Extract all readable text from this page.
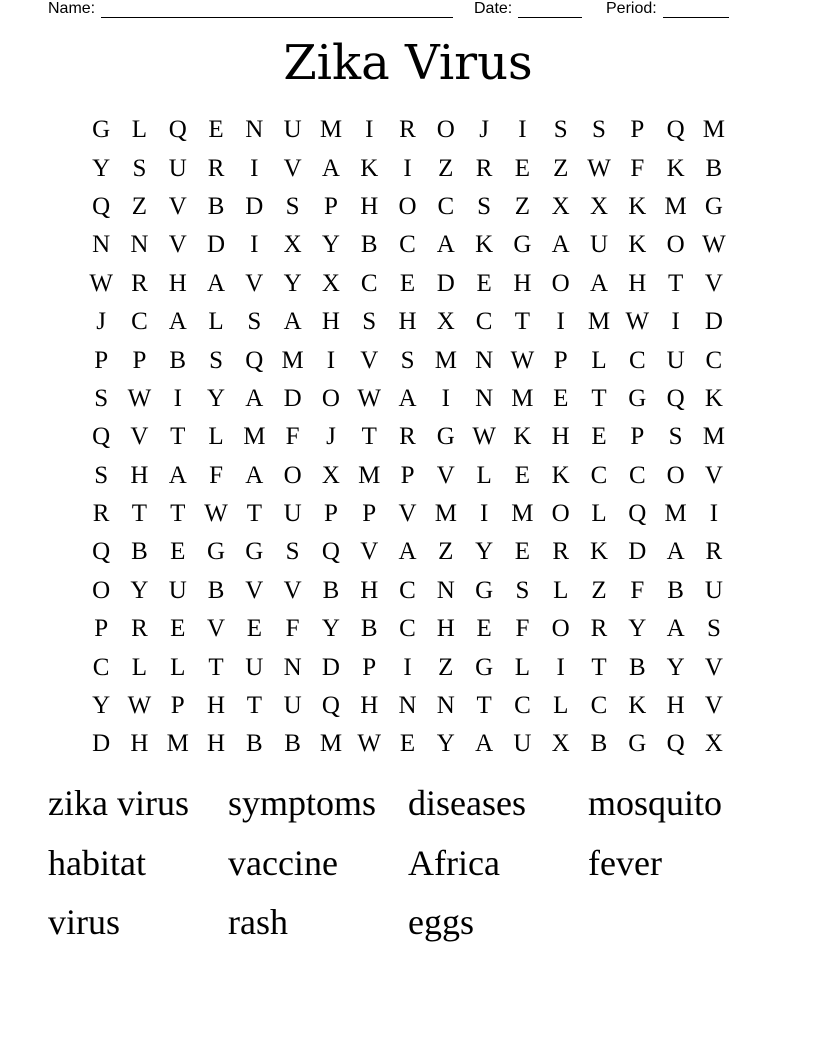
Name:	Date:	Period:
Zika Virus
G L Q E N U M I	R O J	I	S S P Q M
Y S U R	I	V A K	I	Z R E Z W F K B
Q Z V B D S P H O C S Z X X K M G
N N V D	I	X Y B C A K G A U K O W
W R H A V Y X C E D E H O A H T V
J	C A L S A H S H X C T	I M W I	D
P P B S Q M I	V S M N W P L C U C
S W I	Y A D O W A	I	N M E T G Q K
Q V T L M F	J	T R G W K H E P S M
S H A F A O X M P V L E K C C O V
R T T W T U P P V M I M O L Q M I
Q B E G G S Q V A Z Y E R K D A R
O Y U B V V B H C N G S L Z F B U
P R E V E F Y B C H E F O R Y A S
C L L T U N D P	I	Z G L	I	T B Y V
Y W P H T U Q H N N T C L C K H V
D H M H B B M W E Y A U X B G Q X
zika virus	symptoms diseases	mosquito
habitat	vaccine	Africa	fever
virus	rash	eggs
